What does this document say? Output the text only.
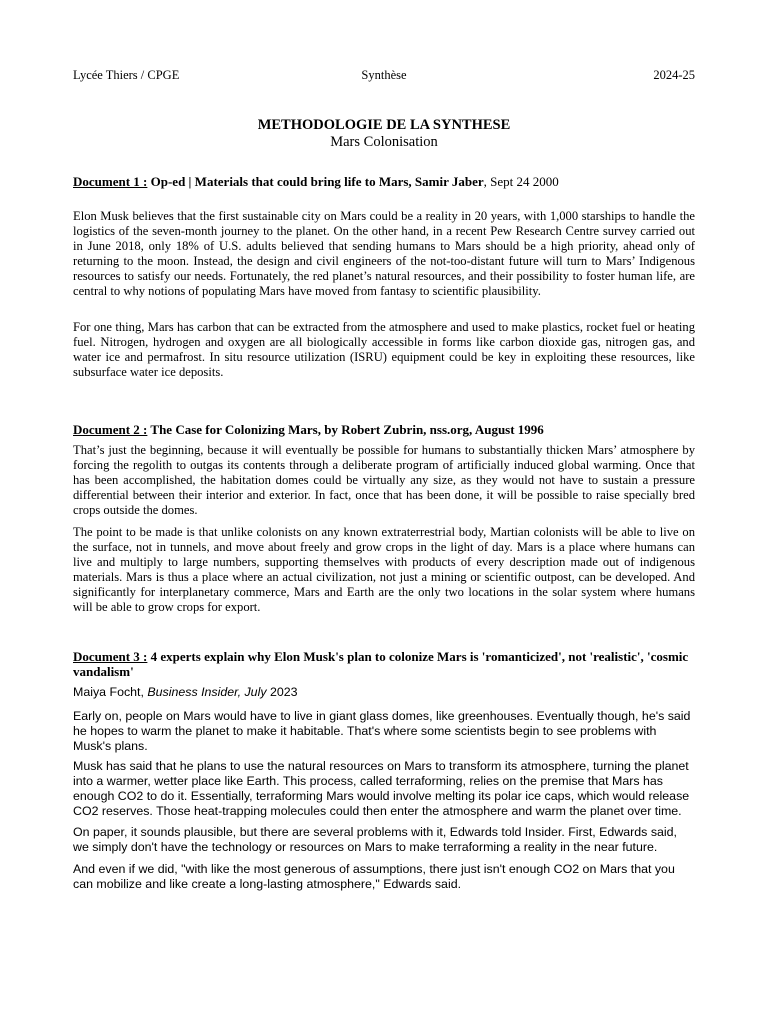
Lycée Thiers / CPGE	Synthèse	2024-25
METHODOLOGIE DE LA SYNTHESE
Mars Colonisation
Document 1 : Op-ed | Materials that could bring life to Mars, Samir Jaber, Sept 24 2000

Elon Musk believes that the first sustainable city on Mars could be a reality in 20 years, with 1,000 starships to handle the logistics of the seven-month journey to the planet. On the other hand, in a recent Pew Research Centre survey carried out in June 2018, only 18% of U.S. adults believed that sending humans to Mars should be a high priority, ahead only of returning to the moon. Instead, the design and civil engineers of the not-too-distant future will turn to Mars’ Indigenous resources to satisfy our needs. Fortunately, the red planet’s natural resources, and their possibility to foster human life, are central to why notions of populating Mars have moved from fantasy to scientific plausibility.

For one thing, Mars has carbon that can be extracted from the atmosphere and used to make plastics, rocket fuel or heating fuel. Nitrogen, hydrogen and oxygen are all biologically accessible in forms like carbon dioxide gas, nitrogen gas, and water ice and permafrost. In situ resource utilization (ISRU) equipment could be key in exploiting these resources, like subsurface water ice deposits.

Document 2 : The Case for Colonizing Mars, by Robert Zubrin, nss.org, August 1996

That’s just the beginning, because it will eventually be possible for humans to substantially thicken Mars’ atmosphere by forcing the regolith to outgas its contents through a deliberate program of artificially induced global warming. Once that has been accomplished, the habitation domes could be virtually any size, as they would not have to sustain a pressure differential between their interior and exterior. In fact, once that has been done, it will be possible to raise specially bred crops outside the domes.

The point to be made is that unlike colonists on any known extraterrestrial body, Martian colonists will be able to live on the surface, not in tunnels, and move about freely and grow crops in the light of day. Mars is a place where humans can live and multiply to large numbers, supporting themselves with products of every description made out of indigenous materials. Mars is thus a place where an actual civilization, not just a mining or scientific outpost, can be developed. And significantly for interplanetary commerce, Mars and Earth are the only two locations in the solar system where humans will be able to grow crops for export.

Document 3 : 4 experts explain why Elon Musk's plan to colonize Mars is 'romanticized', not 'realistic', 'cosmic vandalism'
Maiya Focht, Business Insider, July 2023

Early on, people on Mars would have to live in giant glass domes, like greenhouses. Eventually though, he's said he hopes to warm the planet to make it habitable. That's where some scientists begin to see problems with Musk's plans.

Musk has said that he plans to use the natural resources on Mars to transform its atmosphere, turning the planet into a warmer, wetter place like Earth. This process, called terraforming, relies on the premise that Mars has enough CO2 to do it. Essentially, terraforming Mars would involve melting its polar ice caps, which would release CO2 reserves. Those heat-trapping molecules could then enter the atmosphere and warm the planet over time.

On paper, it sounds plausible, but there are several problems with it, Edwards told Insider. First, Edwards said, we simply don't have the technology or resources on Mars to make terraforming a reality in the near future.

And even if we did, "with like the most generous of assumptions, there just isn't enough CO2 on Mars that you can mobilize and like create a long-lasting atmosphere," Edwards said.
